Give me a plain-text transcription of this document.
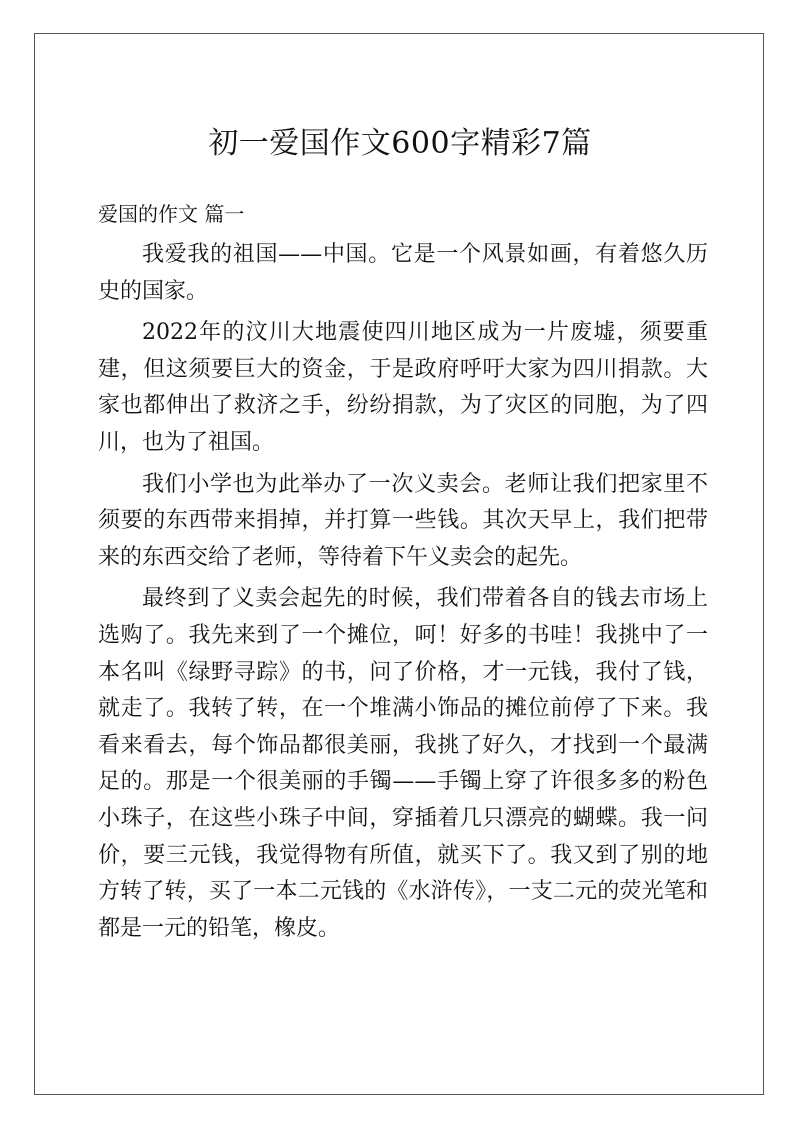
初一爱国作文600字精彩7篇
爱国的作文 篇一

我爱我的祖国——中国。它是一个风景如画，有着悠久历史的国家。

2022年的汶川大地震使四川地区成为一片废墟，须要重建，但这须要巨大的资金，于是政府呼吁大家为四川捐款。大家也都伸出了救济之手，纷纷捐款，为了灾区的同胞，为了四川，也为了祖国。

我们小学也为此举办了一次义卖会。老师让我们把家里不须要的东西带来捐掉，并打算一些钱。其次天早上，我们把带来的东西交给了老师，等待着下午义卖会的起先。

最终到了义卖会起先的时候，我们带着各自的钱去市场上选购了。我先来到了一个摊位，呵！好多的书哇！我挑中了一本名叫《绿野寻踪》的书，问了价格，才一元钱，我付了钱，就走了。我转了转，在一个堆满小饰品的摊位前停了下来。我看来看去，每个饰品都很美丽，我挑了好久，才找到一个最满足的。那是一个很美丽的手镯——手镯上穿了许很多多的粉色小珠子，在这些小珠子中间，穿插着几只漂亮的蝴蝶。我一问价，要三元钱，我觉得物有所值，就买下了。我又到了别的地方转了转，买了一本二元钱的《水浒传》，一支二元的荧光笔和都是一元的铅笔，橡皮。
